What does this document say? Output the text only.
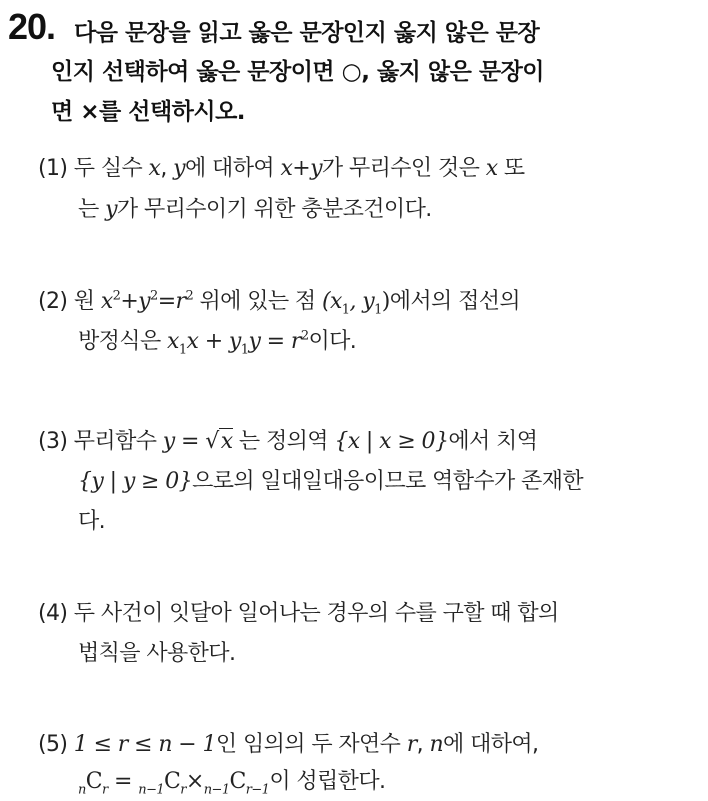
20. 다음 문장을 읽고 옳은 문장인지 옳지 않은 문장
인지 선택하여 옳은 문장이면 ○, 옳지 않은 문장이
면 ×를 선택하시오.
(1) 두 실수 x, y에 대하여 x+y가 무리수인 것은 x 또
는 y가 무리수이기 위한 충분조건이다.
(2) 원 $x^2+y^2=r^2$ 위에 있는 점 ($x_1$, $y_1$)에서의 접선의
방정식은 $x_1x + y_1y = r^2$이다.
(3) 무리함수 y = √x 는 정의역 {x | x ≥ 0}에서 치역
{y | y ≥ 0}으로의 일대일대응이므로 역함수가 존재한
다.
(4) 두 사건이 잇달아 일어나는 경우의 수를 구할 때 합의
법칙을 사용한다.
(5) 1 ≤ r ≤ n − 1인 임의의 두 자연수 r, n에 대하여,
$_nC_r = _{n-1}C_r\times_{n-1}C_{r-1}$이 성립한다.
